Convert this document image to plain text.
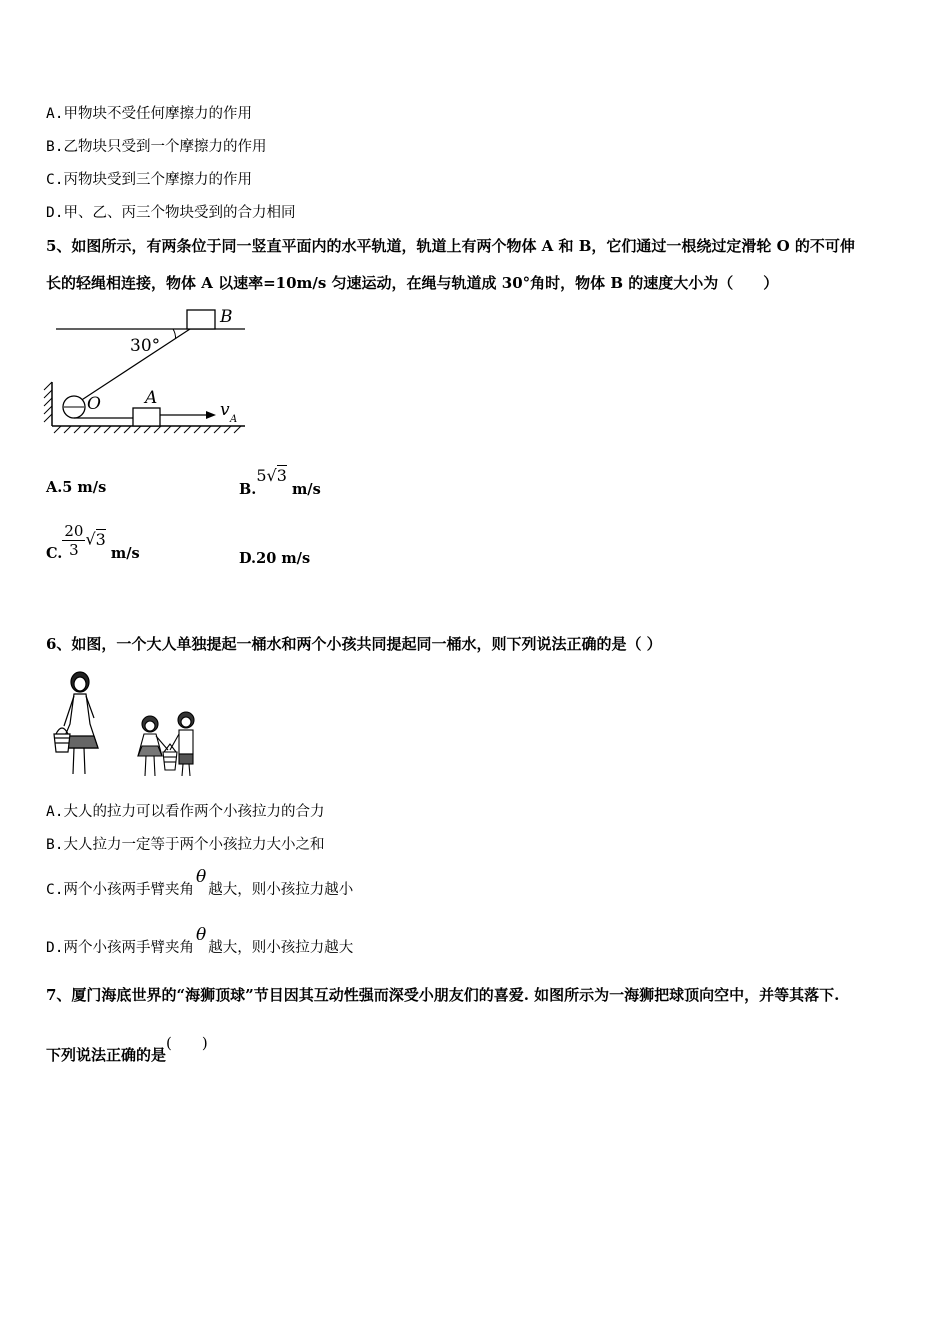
A.甲物块不受任何摩擦力的作用
B.乙物块只受到一个摩擦力的作用
C.丙物块受到三个摩擦力的作用
D.甲、乙、丙三个物块受到的合力相同
5、如图所示，有两条位于同一竖直平面内的水平轨道，轨道上有两个物体 A 和 B，它们通过一根绕过定滑轮 O 的不可伸
长的轻绳相连接，物体 A 以速率=10m/s 匀速运动，在绳与轨道成 30°角时，物体 B 的速度大小为（　　）
B
30°
O	A
v A
A.5 m/s	B.5√3 m/s
C. $\frac{20}{3} √3$ m/s	D.20 m/s
6、如图，一个大人单独提起一桶水和两个小孩共同提起同一桶水，则下列说法正确的是（ ）
A.大人的拉力可以看作两个小孩拉力的合力
B.大人拉力一定等于两个小孩拉力大小之和
C.两个小孩两手臂夹角θ越大，则小孩拉力越小
D.两个小孩两手臂夹角θ越大，则小孩拉力越大
7、厦门海底世界的“海狮顶球”节目因其互动性强而深受小朋友们的喜爱. 如图所示为一海狮把球顶向空中，并等其落下.
下列说法正确的是(　　)
